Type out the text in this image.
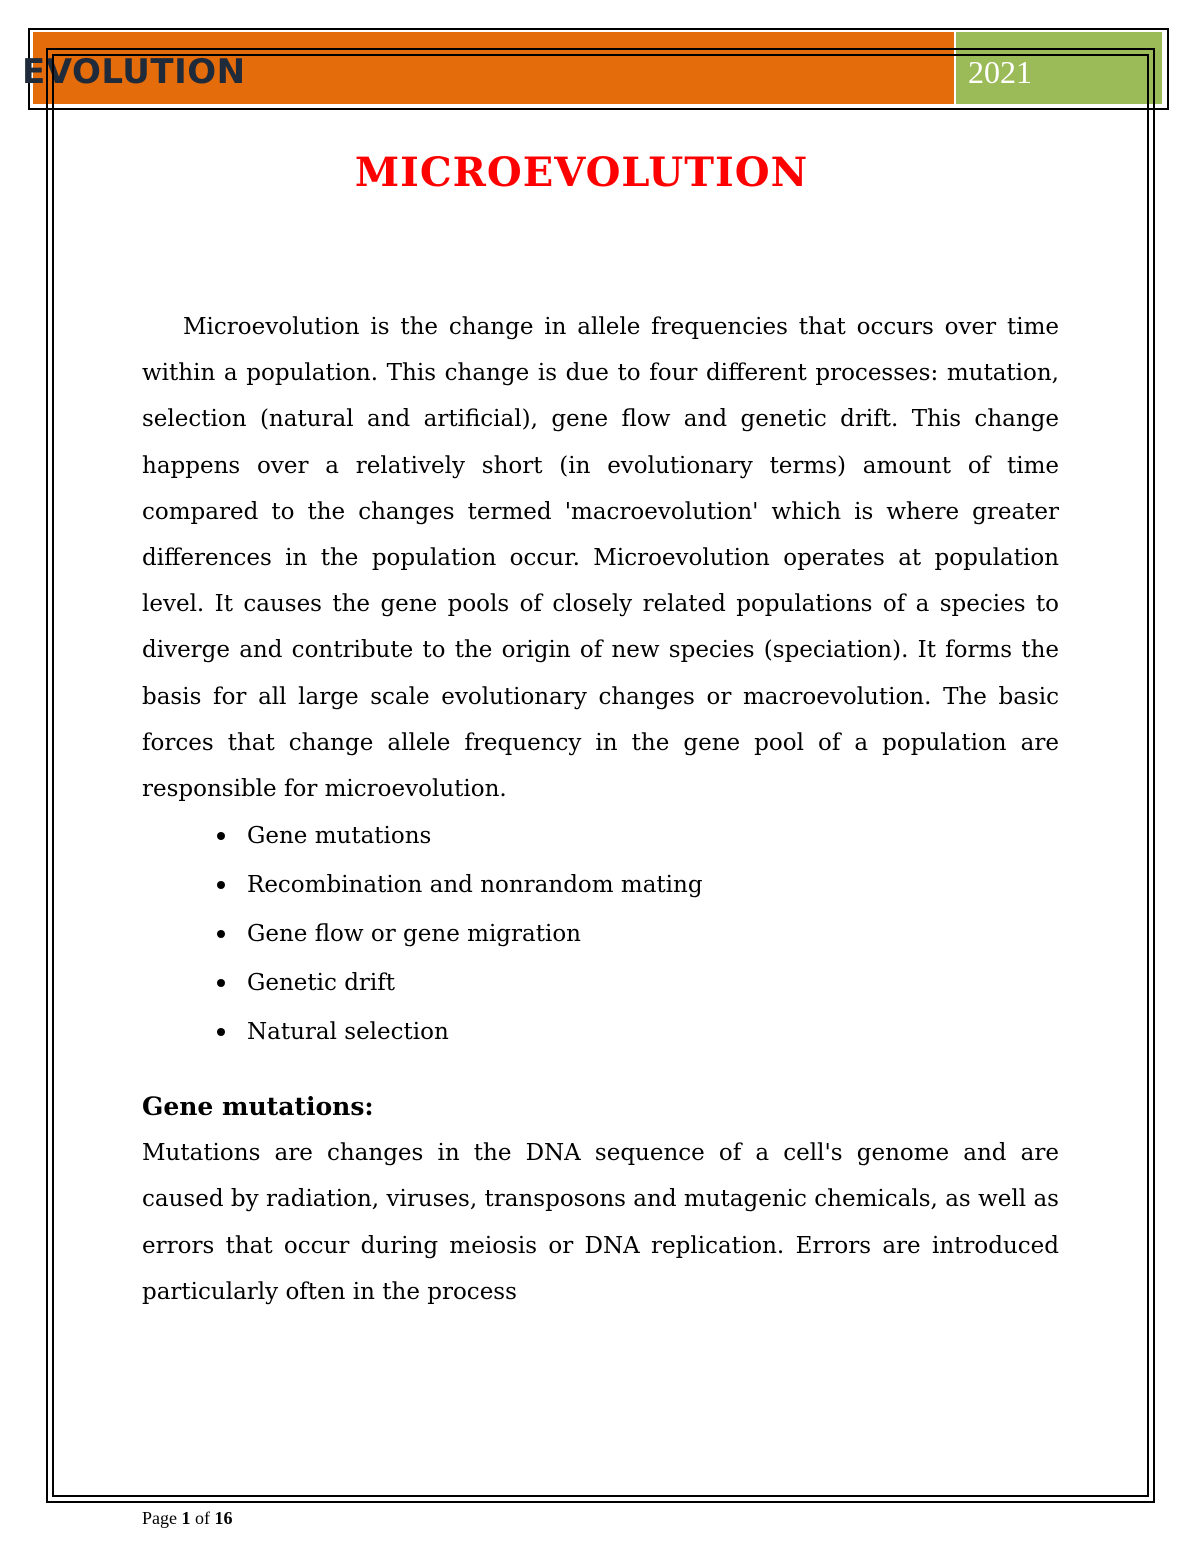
EVOLUTION	2021
MICROEVOLUTION

Microevolution is the change in allele frequencies that occurs over time within a population. This change is due to four different processes: mutation, selection (natural and artificial), gene flow and genetic drift. This change happens over a relatively short (in evolutionary terms) amount of time compared to the changes termed 'macroevolution' which is where greater differences in the population occur. Microevolution operates at population level. It causes the gene pools of closely related populations of a species to diverge and contribute to the origin of new species (speciation). It forms the basis for all large scale evolutionary changes or macroevolution. The basic forces that change allele frequency in the gene pool of a population are responsible for microevolution.

Gene mutations
Recombination and nonrandom mating
Gene flow or gene migration
Genetic drift
Natural selection
Gene mutations:

Mutations are changes in the DNA sequence of a cell's genome and are caused by radiation, viruses, transposons and mutagenic chemicals, as well as errors that occur during meiosis or DNA replication. Errors are introduced particularly often in the process

Page 1 of 16
